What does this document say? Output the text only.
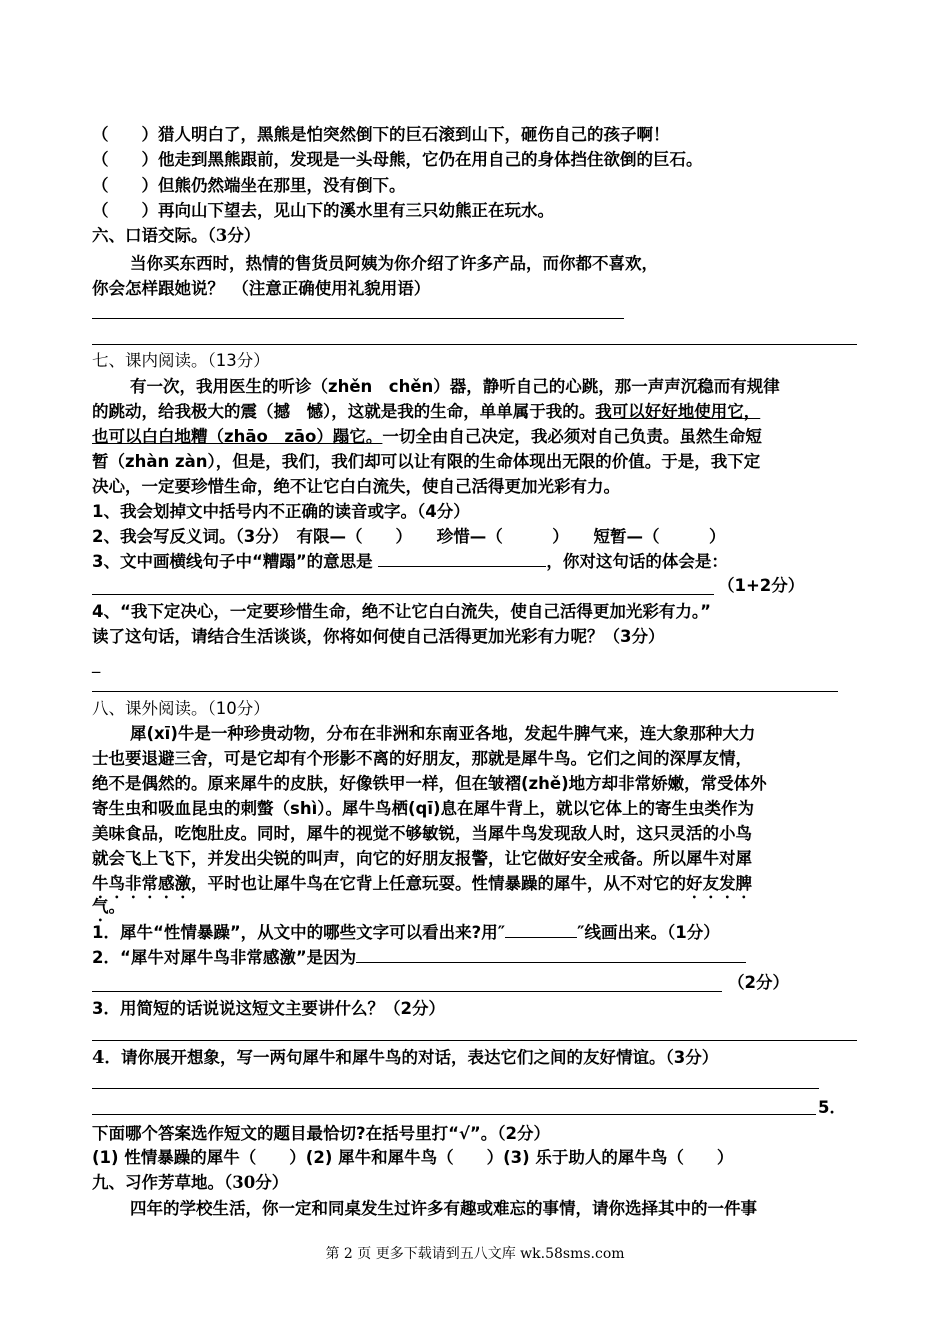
（　　）猎人明白了，黑熊是怕突然倒下的巨石滚到山下，砸伤自己的孩子啊！
（　　）他走到黑熊跟前，发现是一头母熊，它仍在用自己的身体挡住欲倒的巨石。
（　　）但熊仍然端坐在那里，没有倒下。
（　　）再向山下望去，见山下的溪水里有三只幼熊正在玩水。
六、口语交际。（3分）
当你买东西时，热情的售货员阿姨为你介绍了许多产品，而你都不喜欢，
你会怎样跟她说？　（注意正确使用礼貌用语）
七、课内阅读。（13分）
有一次，我用医生的听诊（zhěn　chěn）器，静听自己的心跳，那一声声沉稳而有规律
的跳动，给我极大的震（撼　憾），这就是我的生命，单单属于我的。我可以好好地使用它，
也可以白白地糟（zhāo　zāo）蹋它。一切全由自己决定，我必须对自己负责。虽然生命短
暂（zhàn zàn），但是，我们，我们却可以让有限的生命体现出无限的价值。于是，我下定
决心，一定要珍惜生命，绝不让它白白流失，使自己活得更加光彩有力。
1、我会划掉文中括号内不正确的读音或字。（4分）
2、我会写反义词。（3分）　有限—（　　）　　珍惜—（　　　）　　短暂—（　　　）
3、文中画横线句子中“糟蹋”的意思是	，你对这句话的体会是：
（1+2分）
4、“我下定决心，一定要珍惜生命，绝不让它白白流失，使自己活得更加光彩有力。”
读了这句话，请结合生活谈谈，你将如何使自己活得更加光彩有力呢？（3分）
_
八、课外阅读。（10分）
犀(xī)牛是一种珍贵动物，分布在非洲和东南亚各地，发起牛脾气来，连大象那种大力
士也要退避三舍，可是它却有个形影不离的好朋友，那就是犀牛鸟。它们之间的深厚友情，
绝不是偶然的。原来犀牛的皮肤，好像铁甲一样，但在皱褶(zhě)地方却非常娇嫩，常受体外
寄生虫和吸血昆虫的刺螫（shì）。犀牛鸟栖(qī)息在犀牛背上，就以它体上的寄生虫类作为
美味食品，吃饱肚皮。同时，犀牛的视觉不够敏锐，当犀牛鸟发现敌人时，这只灵活的小鸟
就会飞上飞下，并发出尖锐的叫声，向它的好朋友报警，让它做好安全戒备。所以犀牛对犀
牛鸟非常感激，平时也让犀牛鸟在它背上任意玩耍。性情暴躁的犀牛，从不对它的好友发脾
气。
1．犀牛“性情暴躁”，从文中的哪些文字可以看出来?用″	″线画出来。（1分）
2．“犀牛对犀牛鸟非常感激”是因为
（2分）
3．用简短的话说说这短文主要讲什么？（2分）
4．请你展开想象，写一两句犀牛和犀牛鸟的对话，表达它们之间的友好情谊。（3分）
5．
下面哪个答案选作短文的题目最恰切?在括号里打“√”。（2分）
(1) 性情暴躁的犀牛（　　）(2) 犀牛和犀牛鸟（　　）(3) 乐于助人的犀牛鸟（　　）
九、习作芳草地。（30分）
四年的学校生活，你一定和同桌发生过许多有趣或难忘的事情，请你选择其中的一件事
第 2 页 更多下载请到五八文库 wk.58sms.com
